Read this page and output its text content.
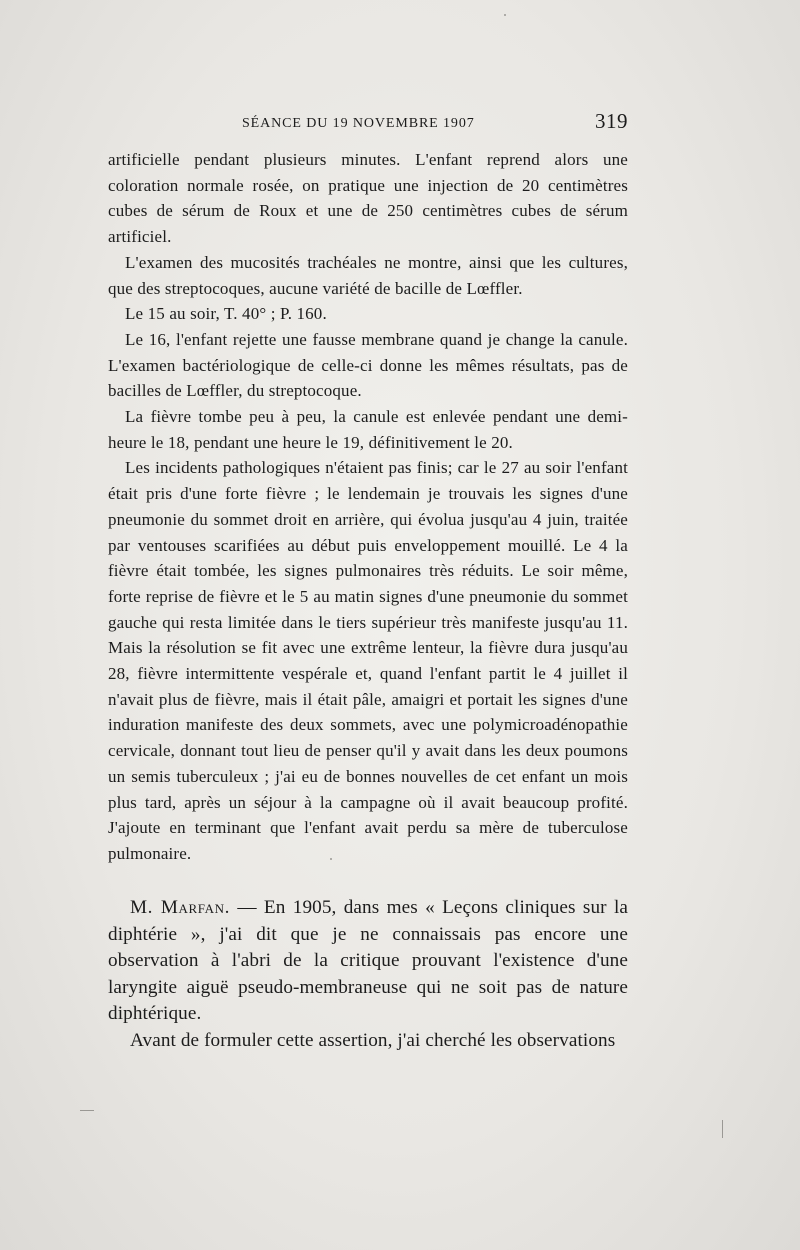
SÉANCE DU 19 NOVEMBRE 1907	319

artificielle pendant plusieurs minutes. L'enfant reprend alors une coloration normale rosée, on pratique une injection de 20 centimètres cubes de sérum de Roux et une de 250 centimètres cubes de sérum artificiel.

L'examen des mucosités trachéales ne montre, ainsi que les cultures, que des streptocoques, aucune variété de bacille de Lœffler.

Le 15 au soir, T. 40° ; P. 160.

Le 16, l'enfant rejette une fausse membrane quand je change la canule. L'examen bactériologique de celle-ci donne les mêmes résultats, pas de bacilles de Lœffler, du streptocoque.

La fièvre tombe peu à peu, la canule est enlevée pendant une demi-heure le 18, pendant une heure le 19, définitivement le 20.

Les incidents pathologiques n'étaient pas finis; car le 27 au soir l'enfant était pris d'une forte fièvre ; le lendemain je trouvais les signes d'une pneumonie du sommet droit en arrière, qui évolua jusqu'au 4 juin, traitée par ventouses scarifiées au début puis enveloppement mouillé. Le 4 la fièvre était tombée, les signes pulmonaires très réduits. Le soir même, forte reprise de fièvre et le 5 au matin signes d'une pneumonie du sommet gauche qui resta limitée dans le tiers supérieur très manifeste jusqu'au 11. Mais la résolution se fit avec une extrême lenteur, la fièvre dura jusqu'au 28, fièvre intermittente vespérale et, quand l'enfant partit le 4 juillet il n'avait plus de fièvre, mais il était pâle, amaigri et portait les signes d'une induration manifeste des deux sommets, avec une polymicroadénopathie cervicale, donnant tout lieu de penser qu'il y avait dans les deux poumons un semis tuberculeux ; j'ai eu de bonnes nouvelles de cet enfant un mois plus tard, après un séjour à la campagne où il avait beaucoup profité. J'ajoute en terminant que l'enfant avait perdu sa mère de tuberculose pulmonaire.

M. Marfan. — En 1905, dans mes « Leçons cliniques sur la diphtérie », j'ai dit que je ne connaissais pas encore une observation à l'abri de la critique prouvant l'existence d'une laryngite aiguë pseudo-membraneuse qui ne soit pas de nature diphtérique.

Avant de formuler cette assertion, j'ai cherché les observations
